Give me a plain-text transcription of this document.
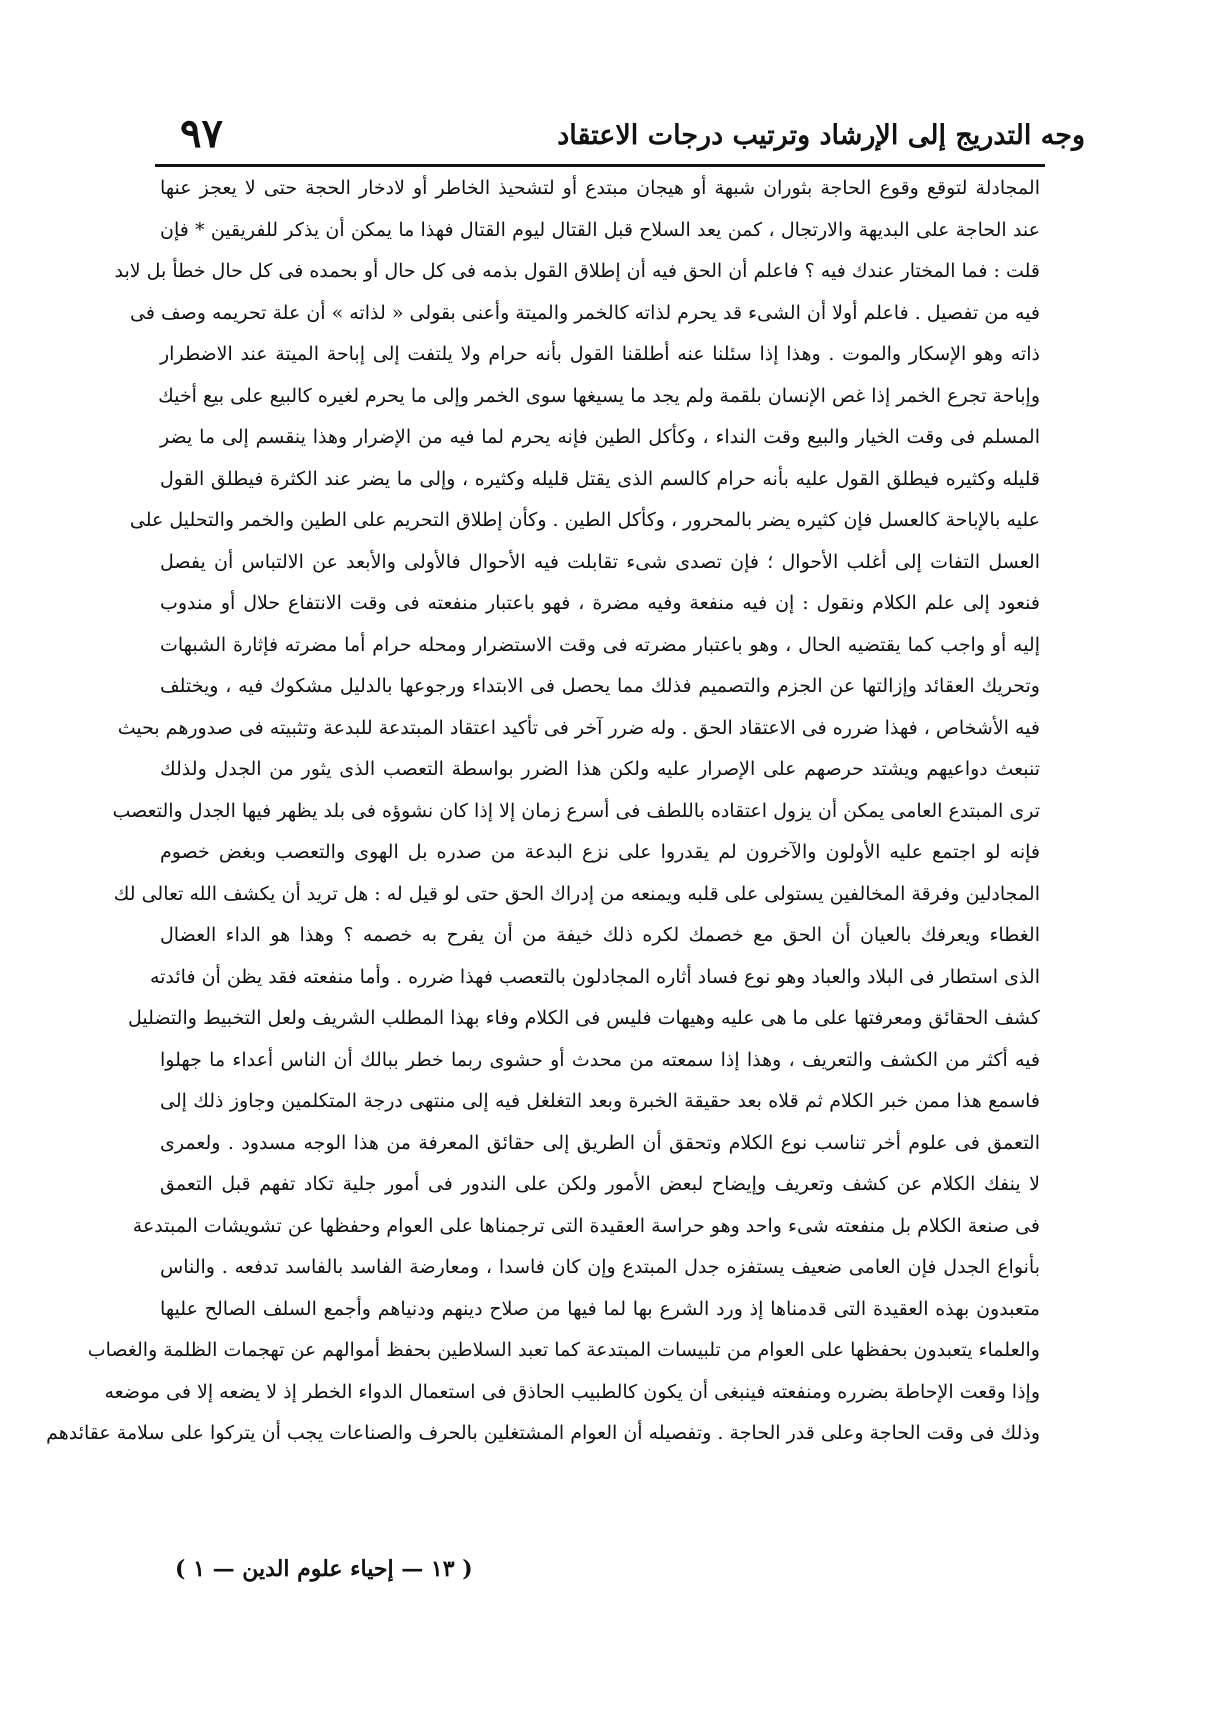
وجه التدريج إلى الإرشاد وترتيب درجات الاعتقاد
٩٧
المجادلة لتوقع وقوع الحاجة بثوران شبهة أو هيجان مبتدع أو لتشحيذ الخاطر أو لادخار الحجة حتى لا يعجز عنها
عند الحاجة على البديهة والارتجال ، كمن يعد السلاح قبل القتال ليوم القتال فهذا ما يمكن أن يذكر للفريقين * فإن
قلت : فما المختار عندك فيه ؟ فاعلم أن الحق فيه أن إطلاق القول بذمه فى كل حال أو بحمده فى كل حال خطأ بل لابد
فيه من تفصيل . فاعلم أولا أن الشىء قد يحرم لذاته كالخمر والميتة وأعنى بقولى « لذاته » أن علة تحريمه وصف فى
ذاته وهو الإسكار والموت . وهذا إذا سئلنا عنه أطلقنا القول بأنه حرام ولا يلتفت إلى إباحة الميتة عند الاضطرار
وإباحة تجرع الخمر إذا غص الإنسان بلقمة ولم يجد ما يسيغها سوى الخمر وإلى ما يحرم لغيره كالبيع على بيع أخيك
المسلم فى وقت الخيار والبيع وقت النداء ، وكأكل الطين فإنه يحرم لما فيه من الإضرار وهذا ينقسم إلى ما يضر
قليله وكثيره فيطلق القول عليه بأنه حرام كالسم الذى يقتل قليله وكثيره ، وإلى ما يضر عند الكثرة فيطلق القول
عليه بالإباحة كالعسل فإن كثيره يضر بالمحرور ، وكأكل الطين . وكأن إطلاق التحريم على الطين والخمر والتحليل على
العسل التفات إلى أغلب الأحوال ؛ فإن تصدى شىء تقابلت فيه الأحوال فالأولى والأبعد عن الالتباس أن يفصل
فنعود إلى علم الكلام ونقول : إن فيه منفعة وفيه مضرة ، فهو باعتبار منفعته فى وقت الانتفاع حلال أو مندوب
إليه أو واجب كما يقتضيه الحال ، وهو باعتبار مضرته فى وقت الاستضرار ومحله حرام أما مضرته فإثارة الشبهات
وتحريك العقائد وإزالتها عن الجزم والتصميم فذلك مما يحصل فى الابتداء ورجوعها بالدليل مشكوك فيه ، ويختلف
فيه الأشخاص ، فهذا ضرره فى الاعتقاد الحق . وله ضرر آخر فى تأكيد اعتقاد المبتدعة للبدعة وتثبيته فى صدورهم بحيث
تنبعث دواعيهم ويشتد حرصهم على الإصرار عليه ولكن هذا الضرر بواسطة التعصب الذى يثور من الجدل ولذلك
ترى المبتدع العامى يمكن أن يزول اعتقاده باللطف فى أسرع زمان إلا إذا كان نشوؤه فى بلد يظهر فيها الجدل والتعصب
فإنه لو اجتمع عليه الأولون والآخرون لم يقدروا على نزع البدعة من صدره بل الهوى والتعصب وبغض خصوم
المجادلين وفرقة المخالفين يستولى على قلبه ويمنعه من إدراك الحق حتى لو قيل له : هل تريد أن يكشف الله تعالى لك
الغطاء ويعرفك بالعيان أن الحق مع خصمك لكره ذلك خيفة من أن يفرح به خصمه ؟ وهذا هو الداء العضال
الذى استطار فى البلاد والعباد وهو نوع فساد أثاره المجادلون بالتعصب فهذا ضرره . وأما منفعته فقد يظن أن فائدته
كشف الحقائق ومعرفتها على ما هى عليه وهيهات فليس فى الكلام وفاء بهذا المطلب الشريف ولعل التخبيط والتضليل
فيه أكثر من الكشف والتعريف ، وهذا إذا سمعته من محدث أو حشوى ربما خطر ببالك أن الناس أعداء ما جهلوا
فاسمع هذا ممن خبر الكلام ثم قلاه بعد حقيقة الخبرة وبعد التغلغل فيه إلى منتهى درجة المتكلمين وجاوز ذلك إلى
التعمق فى علوم أخر تناسب نوع الكلام وتحقق أن الطريق إلى حقائق المعرفة من هذا الوجه مسدود . ولعمرى
لا ينفك الكلام عن كشف وتعريف وإيضاح لبعض الأمور ولكن على الندور فى أمور جلية تكاد تفهم قبل التعمق
فى صنعة الكلام بل منفعته شىء واحد وهو حراسة العقيدة التى ترجمناها على العوام وحفظها عن تشويشات المبتدعة
بأنواع الجدل فإن العامى ضعيف يستفزه جدل المبتدع وإن كان فاسدا ، ومعارضة الفاسد بالفاسد تدفعه . والناس
متعبدون بهذه العقيدة التى قدمناها إذ ورد الشرع بها لما فيها من صلاح دينهم ودنياهم وأجمع السلف الصالح عليها
والعلماء يتعبدون بحفظها على العوام من تلبيسات المبتدعة كما تعبد السلاطين بحفظ أموالهم عن تهجمات الظلمة والغصاب
وإذا وقعت الإحاطة بضرره ومنفعته فينبغى أن يكون كالطبيب الحاذق فى استعمال الدواء الخطر إذ لا يضعه إلا فى موضعه
وذلك فى وقت الحاجة وعلى قدر الحاجة . وتفصيله أن العوام المشتغلين بالحرف والصناعات يجب أن يتركوا على سلامة عقائدهم
( ١٣ — إحياء علوم الدين — ١ )
